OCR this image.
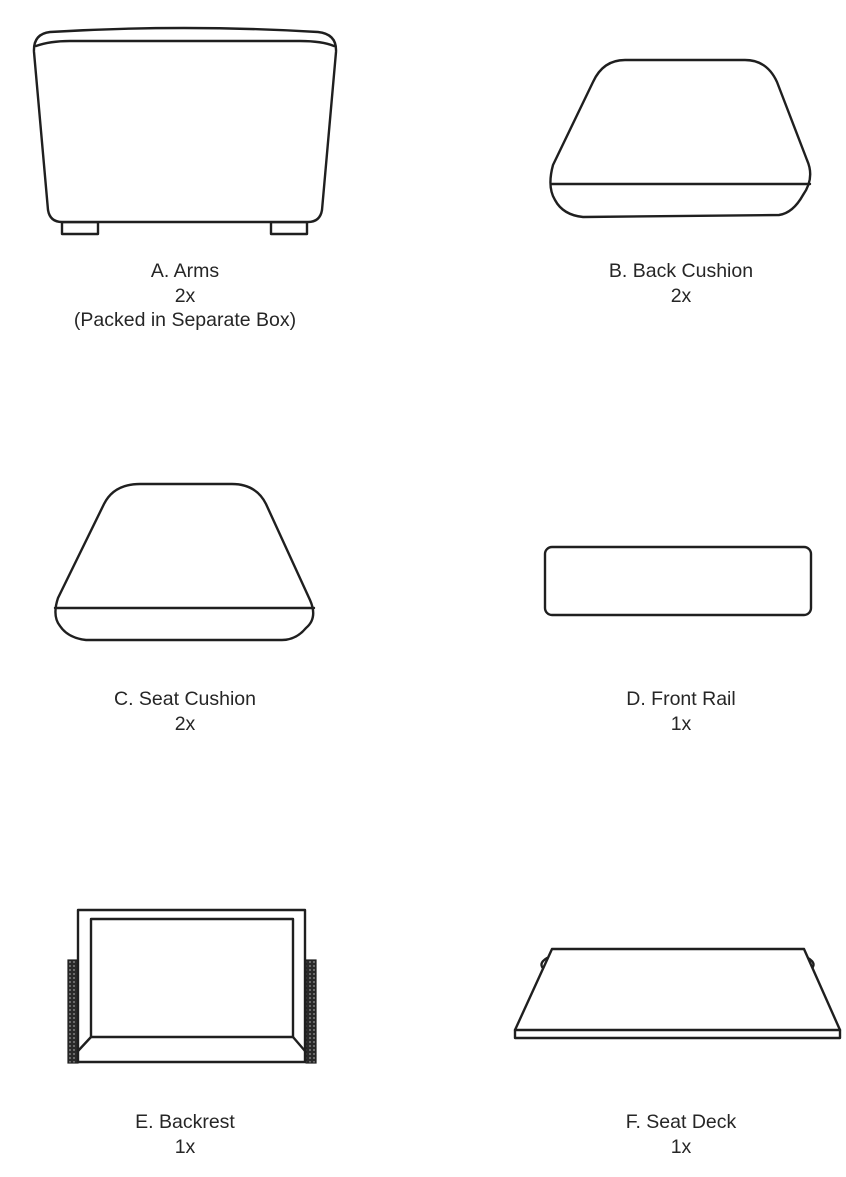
A. Arms
2x
(Packed in Separate Box)
B. Back Cushion
2x
C. Seat Cushion
2x
D. Front Rail
1x
E. Backrest
1x
F. Seat Deck
1x
